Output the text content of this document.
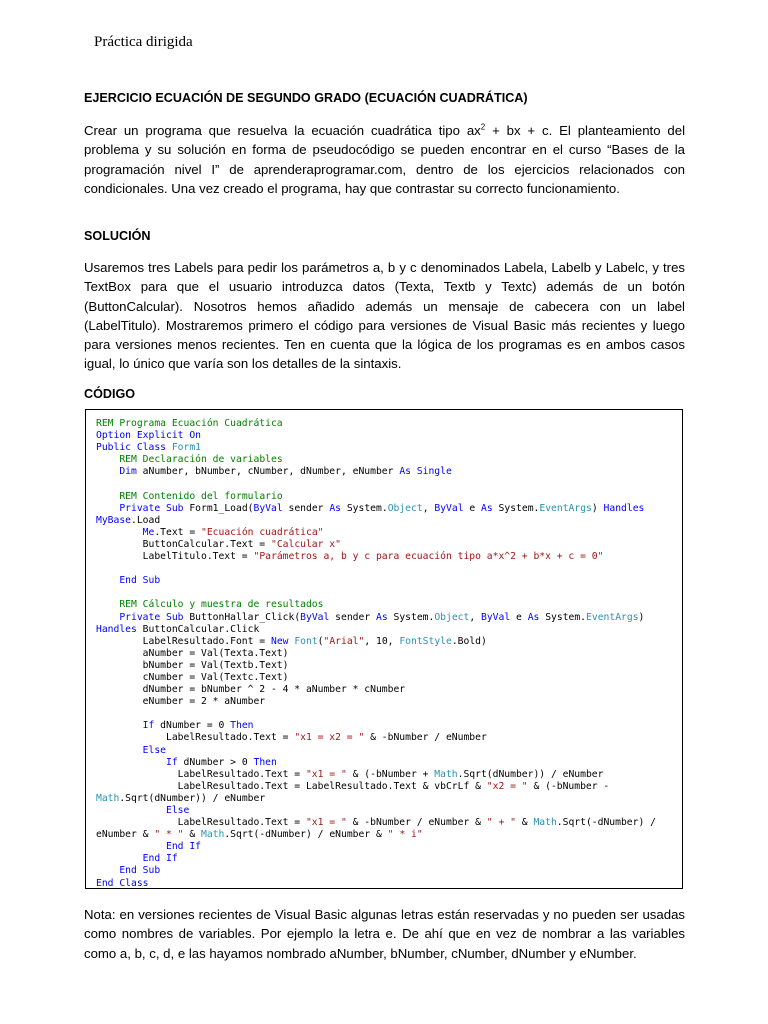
Práctica dirigida
EJERCICIO ECUACIÓN DE SEGUNDO GRADO (ECUACIÓN CUADRÁTICA)

Crear un programa que resuelva la ecuación cuadrática tipo $ax^2$ + bx + c. El planteamiento del problema y su solución en forma de pseudocódigo se pueden encontrar en el curso “Bases de la programación nivel I” de aprenderaprogramar.com, dentro de los ejercicios relacionados con condicionales. Una vez creado el programa, hay que contrastar su correcto funcionamiento.

SOLUCIÓN

Usaremos tres Labels para pedir los parámetros a, b y c denominados Labela, Labelb y Labelc, y tres TextBox para que el usuario introduzca datos (Texta, Textb y Textc) además de un botón (ButtonCalcular). Nosotros hemos añadido además un mensaje de cabecera con un label (LabelTitulo). Mostraremos primero el código para versiones de Visual Basic más recientes y luego para versiones menos recientes. Ten en cuenta que la lógica de los programas es en ambos casos igual, lo único que varía son los detalles de la sintaxis.

CÓDIGO
REM Programa Ecuación Cuadrática
Option Explicit On
Public Class Form1
REM Declaración de variables
Dim aNumber, bNumber, cNumber, dNumber, eNumber As Single

REM Contenido del formulario
Private Sub Form1_Load(ByVal sender As System.Object, ByVal e As System.EventArgs) Handles
MyBase.Load
Me.Text = "Ecuación cuadrática"
ButtonCalcular.Text = "Calcular x"
LabelTitulo.Text = "Parámetros a, b y c para ecuación tipo a*x^2 + b*x + c = 0"

End Sub

REM Cálculo y muestra de resultados
Private Sub ButtonHallar_Click(ByVal sender As System.Object, ByVal e As System.EventArgs)
Handles ButtonCalcular.Click
LabelResultado.Font = New Font("Arial", 10, FontStyle.Bold)
aNumber = Val(Texta.Text)
bNumber = Val(Textb.Text)
cNumber = Val(Textc.Text)
dNumber = bNumber ^ 2 - 4 * aNumber * cNumber
eNumber = 2 * aNumber

If dNumber = 0 Then
LabelResultado.Text = "x1 = x2 = " & -bNumber / eNumber
Else
If dNumber > 0 Then
LabelResultado.Text = "x1 = " & (-bNumber + Math.Sqrt(dNumber)) / eNumber
LabelResultado.Text = LabelResultado.Text & vbCrLf & "x2 = " & (-bNumber -
Math.Sqrt(dNumber)) / eNumber
Else
LabelResultado.Text = "x1 = " & -bNumber / eNumber & " + " & Math.Sqrt(-dNumber) /
eNumber & " * " & Math.Sqrt(-dNumber) / eNumber & " * i"
End If
End If
End Sub
End Class

Nota: en versiones recientes de Visual Basic algunas letras están reservadas y no pueden ser usadas como nombres de variables. Por ejemplo la letra e. De ahí que en vez de nombrar a las variables como a, b, c, d, e las hayamos nombrado aNumber, bNumber, cNumber, dNumber y eNumber.
